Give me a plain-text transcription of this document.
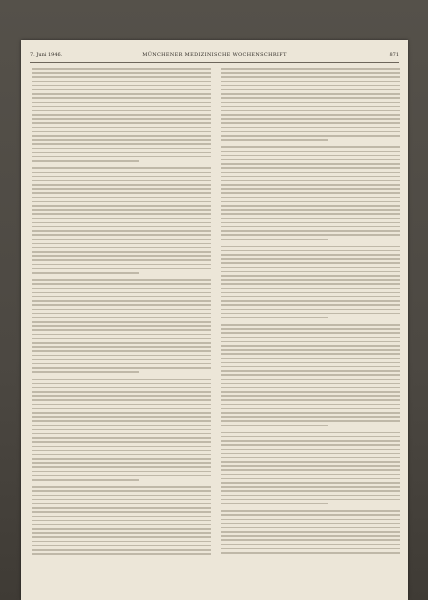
7. Juni 1946.	MÜNCHENER MEDIZINISCHE WOCHENSCHRIFT	871
